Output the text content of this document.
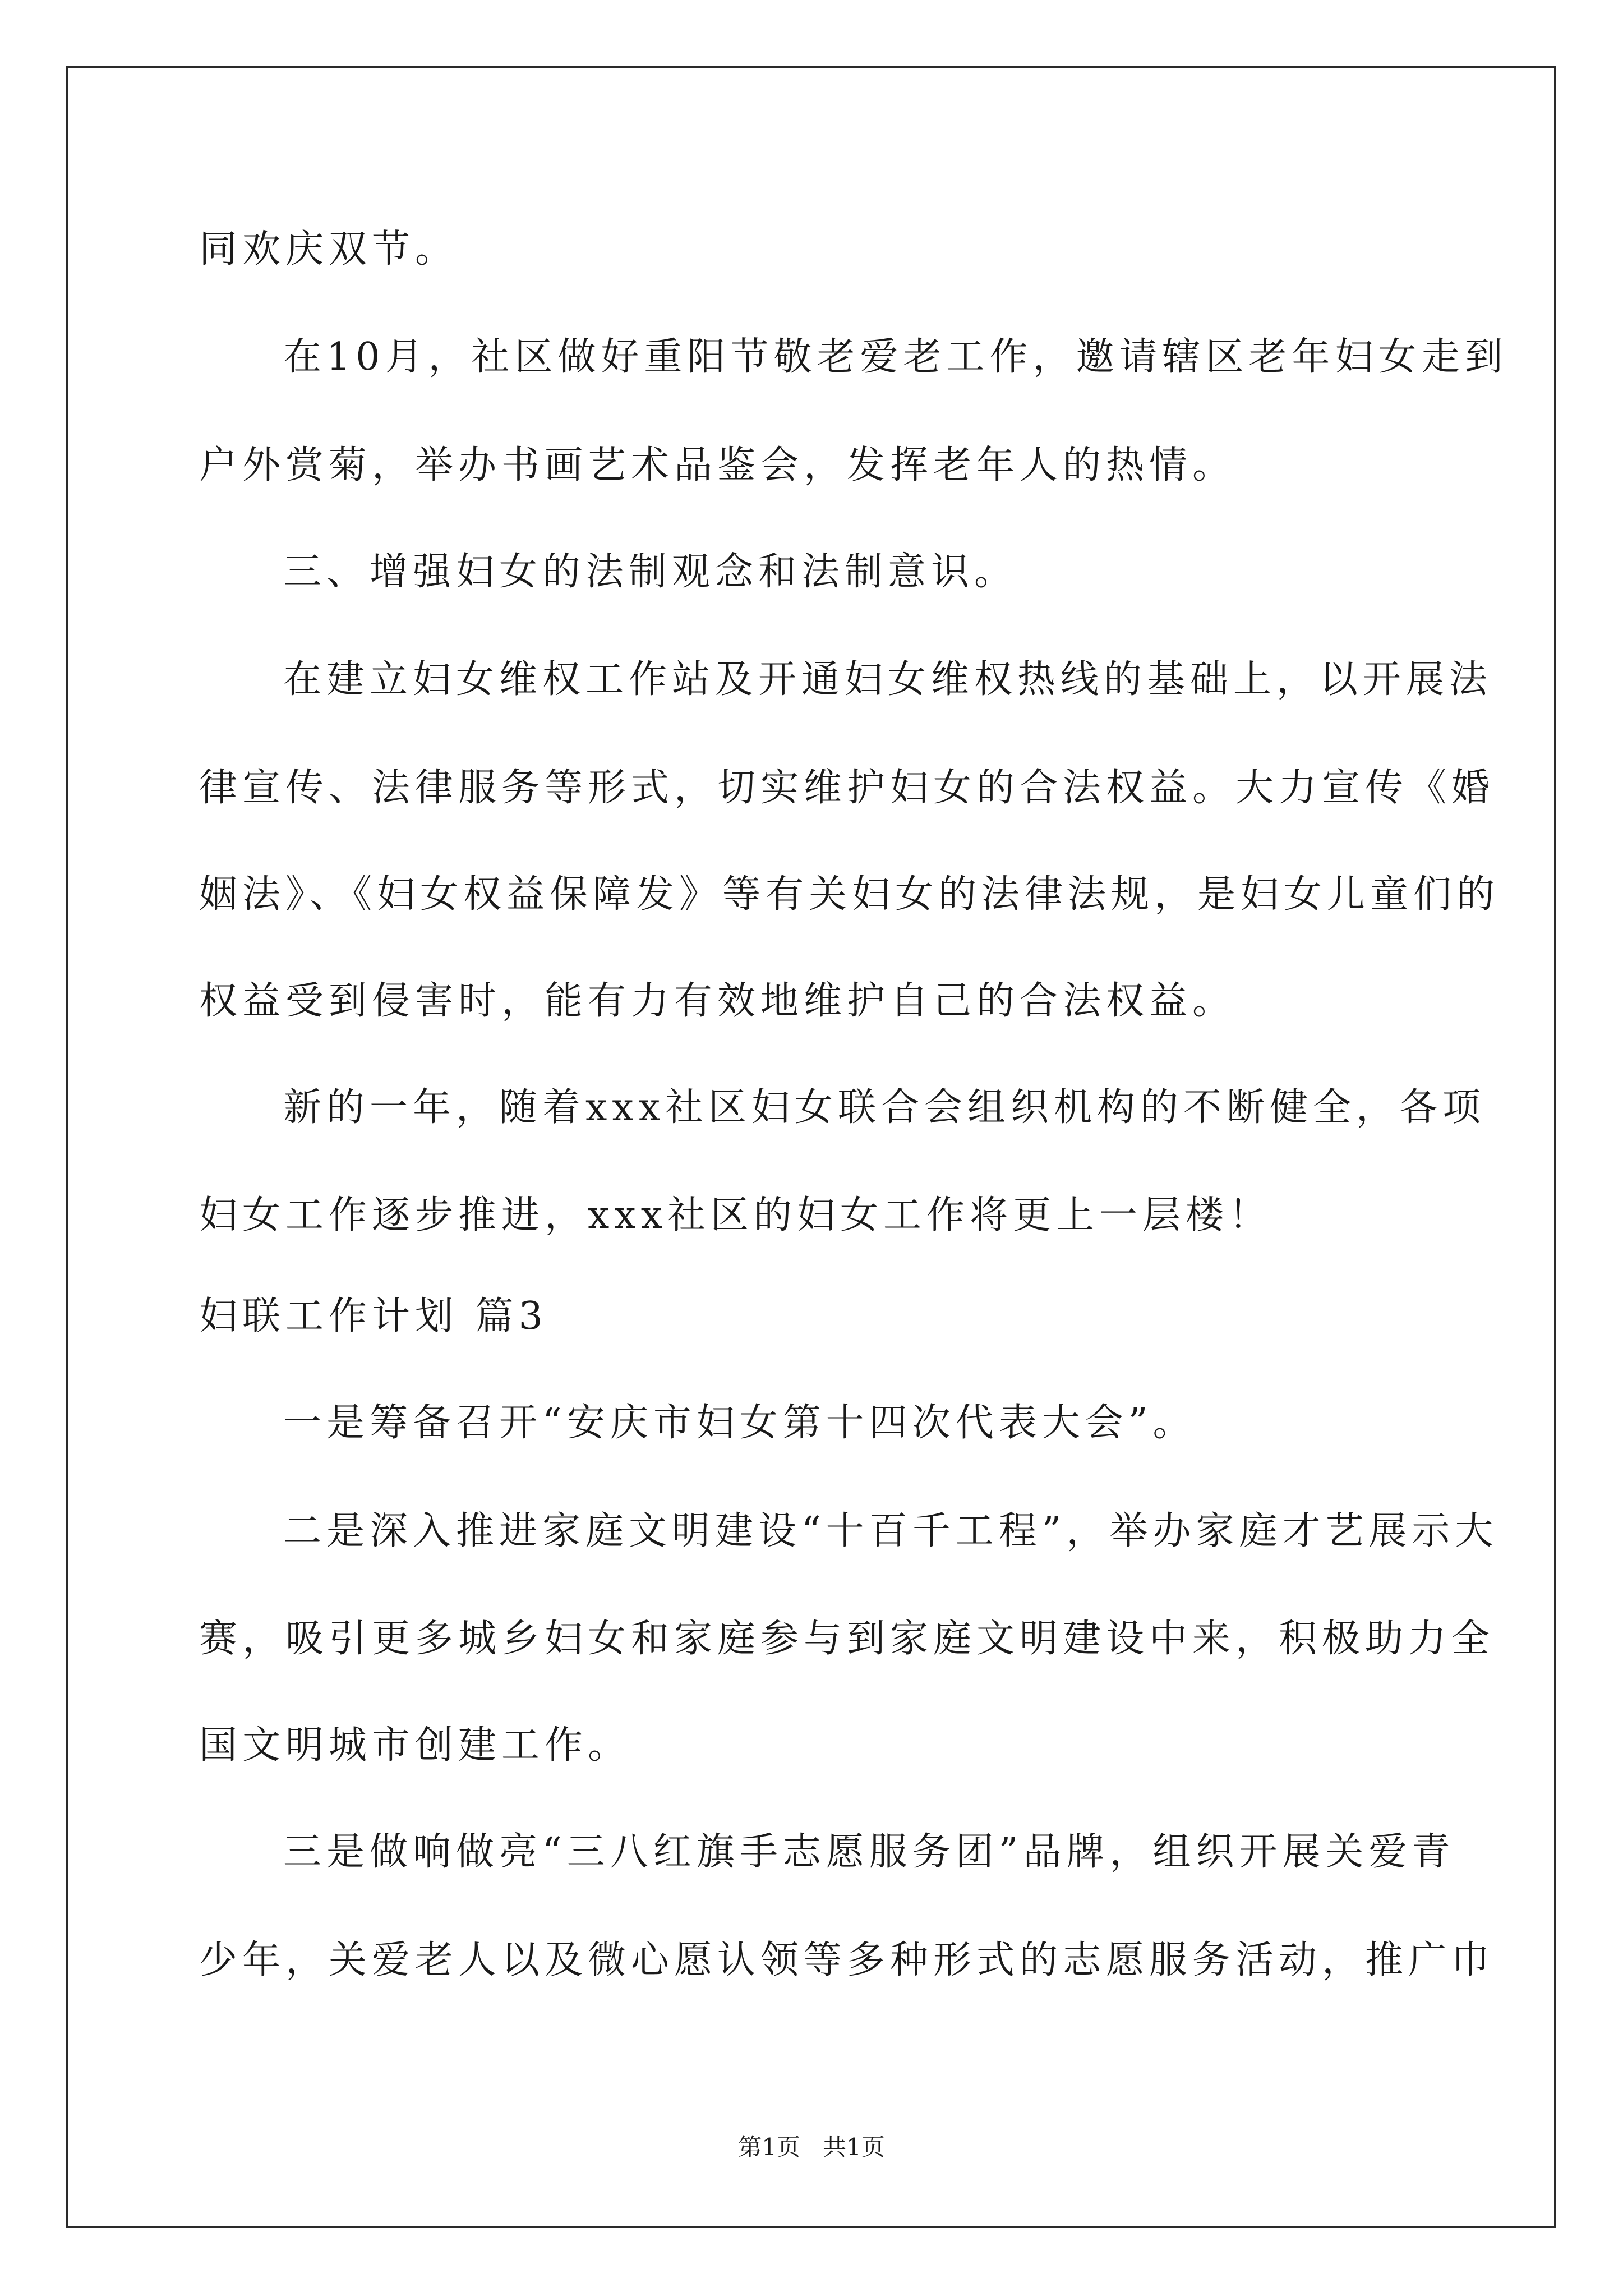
同欢庆双节。
在10月，社区做好重阳节敬老爱老工作，邀请辖区老年妇女走到
户外赏菊，举办书画艺术品鉴会，发挥老年人的热情。
三、增强妇女的法制观念和法制意识。
在建立妇女维权工作站及开通妇女维权热线的基础上，以开展法
律宣传、法律服务等形式，切实维护妇女的合法权益。大力宣传《婚
姻法》、《妇女权益保障发》等有关妇女的法律法规，是妇女儿童们的
权益受到侵害时，能有力有效地维护自己的合法权益。
新的一年，随着xxx社区妇女联合会组织机构的不断健全，各项
妇女工作逐步推进，xxx社区的妇女工作将更上一层楼！
妇联工作计划 篇3
一是筹备召开“安庆市妇女第十四次代表大会”。
二是深入推进家庭文明建设“十百千工程”，举办家庭才艺展示大
赛，吸引更多城乡妇女和家庭参与到家庭文明建设中来，积极助力全
国文明城市创建工作。
三是做响做亮“三八红旗手志愿服务团”品牌，组织开展关爱青
少年，关爱老人以及微心愿认领等多种形式的志愿服务活动，推广巾
第1页   共1页
